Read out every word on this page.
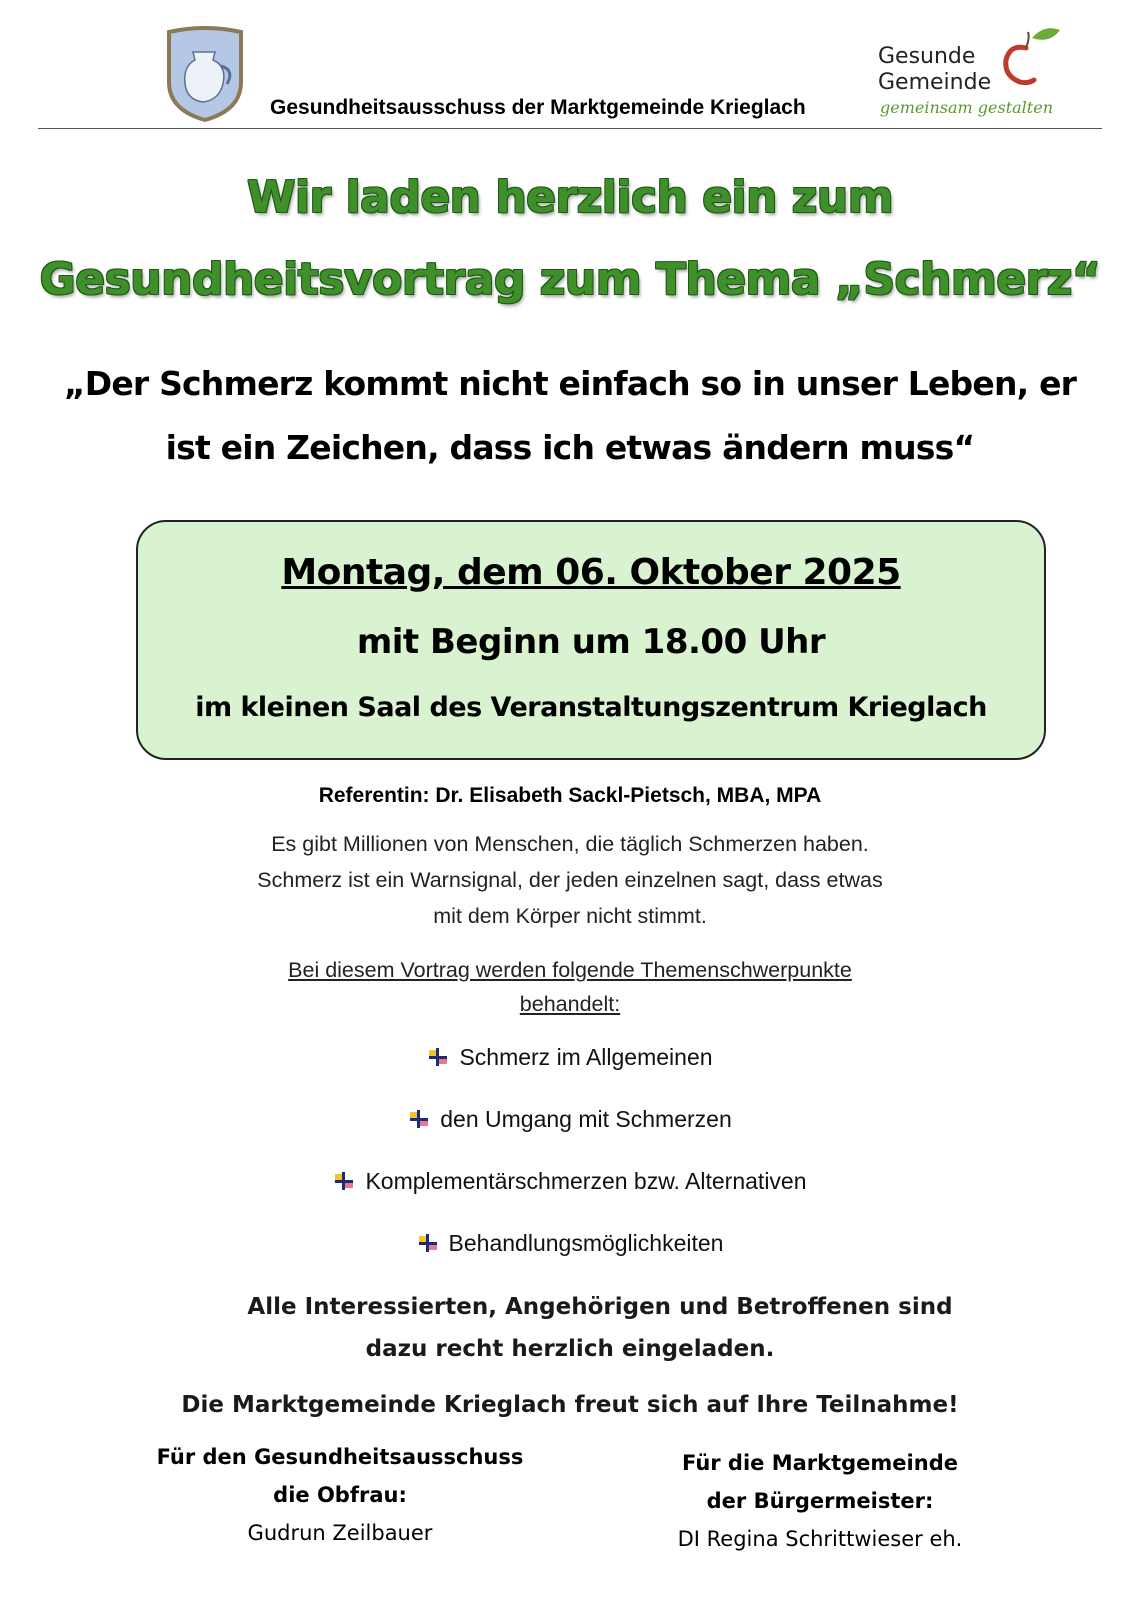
Gesundheitsausschuss der Marktgemeinde Krieglach
Gesunde
Gemeinde
gemeinsam gestalten
Wir laden herzlich ein zum
Gesundheitsvortrag zum Thema „Schmerz“
„Der Schmerz kommt nicht einfach so in unser Leben, er
ist ein Zeichen, dass ich etwas ändern muss“
Montag, dem 06. Oktober 2025
mit Beginn um 18.00 Uhr
im kleinen Saal des Veranstaltungszentrum Krieglach
Referentin: Dr. Elisabeth Sackl-Pietsch, MBA, MPA
Es gibt Millionen von Menschen, die täglich Schmerzen haben.
Schmerz ist ein Warnsignal, der jeden einzelnen sagt, dass etwas
mit dem Körper nicht stimmt.
Bei diesem Vortrag werden folgende Themenschwerpunkte
behandelt:
Schmerz im Allgemeinen
den Umgang mit Schmerzen
Komplementärschmerzen bzw. Alternativen
Behandlungsmöglichkeiten
Alle Interessierten, Angehörigen und Betroffenen sind
dazu recht herzlich eingeladen.
Die Marktgemeinde Krieglach freut sich auf Ihre Teilnahme!
Für den Gesundheitsausschuss
die Obfrau:
Gudrun Zeilbauer
Für die Marktgemeinde
der Bürgermeister:
DI Regina Schrittwieser eh.
